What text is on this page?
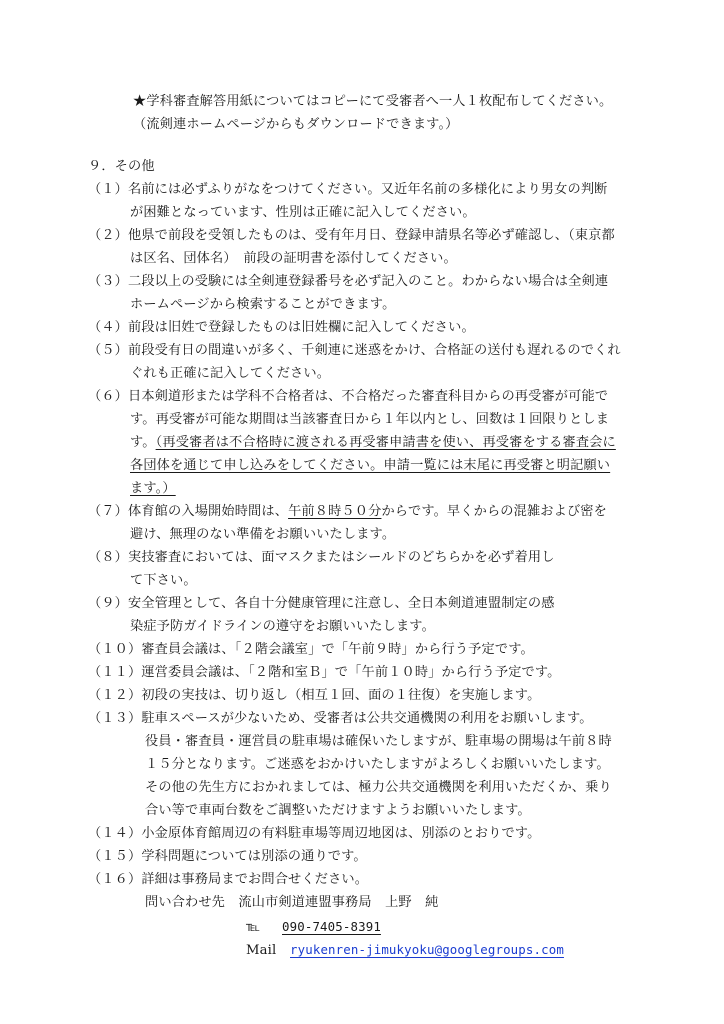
★学科審査解答用紙についてはコピーにて受審者へ一人１枚配布してください。
（流剣連ホームページからもダウンロードできます。）
９．その他
（１）名前には必ずふりがなをつけてください。又近年名前の多様化により男女の判断
が困難となっています、性別は正確に記入してください。
（２）他県で前段を受領したものは、受有年月日、登録申請県名等必ず確認し、（東京都
は区名、団体名）　前段の証明書を添付してください。
（３）二段以上の受験には全剣連登録番号を必ず記入のこと。わからない場合は全剣連
ホームページから検索することができます。
（４）前段は旧姓で登録したものは旧姓欄に記入してください。
（５）前段受有日の間違いが多く、千剣連に迷惑をかけ、合格証の送付も遅れるのでくれ
ぐれも正確に記入してください。
（６）日本剣道形または学科不合格者は、不合格だった審査科目からの再受審が可能で
す。再受審が可能な期間は当該審査日から１年以内とし、回数は１回限りとしま
す。（再受審者は不合格時に渡される再受審申請書を使い、再受審をする審査会に
各団体を通じて申し込みをしてください。申請一覧には末尾に再受審と明記願い
ます。）
（７）体育館の入場開始時間は、午前８時５０分からです。早くからの混雑および密を
避け、無理のない準備をお願いいたします。
（８）実技審査においては、面マスクまたはシールドのどちらかを必ず着用し
て下さい。
（９）安全管理として、各自十分健康管理に注意し、全日本剣道連盟制定の感
染症予防ガイドラインの遵守をお願いいたします。
（１０）審査員会議は、「２階会議室」で「午前９時」から行う予定です。
（１１）運営委員会議は、「２階和室Ｂ」で「午前１０時」から行う予定です。
（１２）初段の実技は、切り返し（相互１回、面の１往復）を実施します。
（１３）駐車スペースが少ないため、受審者は公共交通機関の利用をお願いします。
役員・審査員・運営員の駐車場は確保いたしますが、駐車場の開場は午前８時
１５分となります。ご迷惑をおかけいたしますがよろしくお願いいたします。
その他の先生方におかれましては、極力公共交通機関を利用いただくか、乗り
合い等で車両台数をご調整いただけますようお願いいたします。
（１４）小金原体育館周辺の有料駐車場等周辺地図は、別添のとおりです。
（１５）学科問題については別添の通りです。
（１６）詳細は事務局までお問合せください。
問い合わせ先　流山市剣道連盟事務局　上野　純
℡ 090-7405-8391
Mail ryukenren-jimukyoku@googlegroups.com
